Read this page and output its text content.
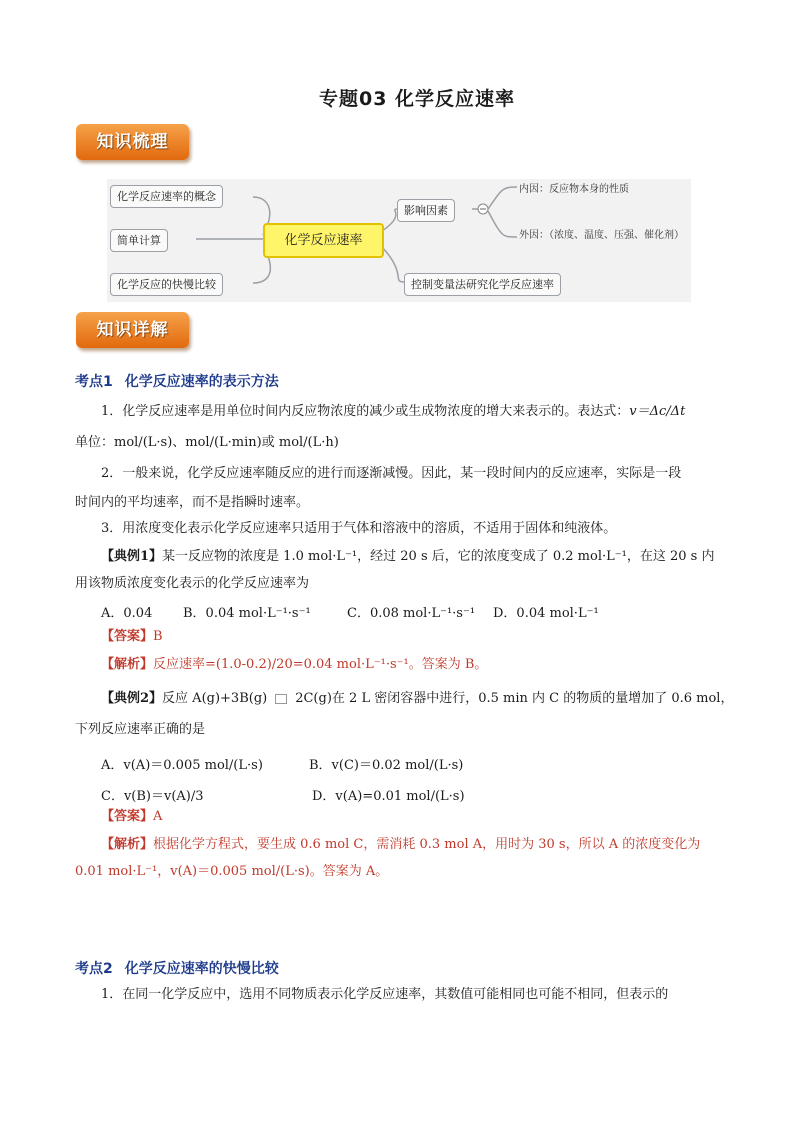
专题03 化学反应速率
知识梳理
化学反应速率的概念
简单计算
化学反应的快慢比较
化学反应速率
影响因素
控制变量法研究化学反应速率
内因：反应物本身的性质
外因：（浓度、温度、压强、催化剂）
知识详解
考点1 化学反应速率的表示方法
1．化学反应速率是用单位时间内反应物浓度的减少或生成物浓度的增大来表示的。表达式：v＝Δc/Δt
单位：mol/(L·s)、mol/(L·min)或 mol/(L·h)
2．一般来说，化学反应速率随反应的进行而逐渐减慢。因此，某一段时间内的反应速率，实际是一段
时间内的平均速率，而不是指瞬时速率。
3．用浓度变化表示化学反应速率只适用于气体和溶液中的溶质，不适用于固体和纯液体。
【典例1】某一反应物的浓度是 1.0 mol·L⁻¹，经过 20 s 后，它的浓度变成了 0.2 mol·L⁻¹，在这 20 s 内
用该物质浓度变化表示的化学反应速率为
A．0.04 B．0.04 mol·L⁻¹·s⁻¹	C．0.08 mol·L⁻¹·s⁻¹ D．0.04 mol·L⁻¹
【答案】B
【解析】反应速率=(1.0-0.2)/20=0.04 mol·L⁻¹·s⁻¹。答案为 B。
【典例2】反应 A(g)+3B(g) 2C(g)在 2 L 密闭容器中进行，0.5 min 内 C 的物质的量增加了 0.6 mol，
下列反应速率正确的是
A．v(A)＝0.005 mol/(L·s)	B．v(C)＝0.02 mol/(L·s)
C．v(B)＝v(A)/3	D．v(A)=0.01 mol/(L·s)
【答案】A
【解析】根据化学方程式，要生成 0.6 mol C，需消耗 0.3 mol A，用时为 30 s，所以 A 的浓度变化为
0.01 mol·L⁻¹，v(A)＝0.005 mol/(L·s)。答案为 A。
考点2 化学反应速率的快慢比较
1．在同一化学反应中，选用不同物质表示化学反应速率，其数值可能相同也可能不相同，但表示的
